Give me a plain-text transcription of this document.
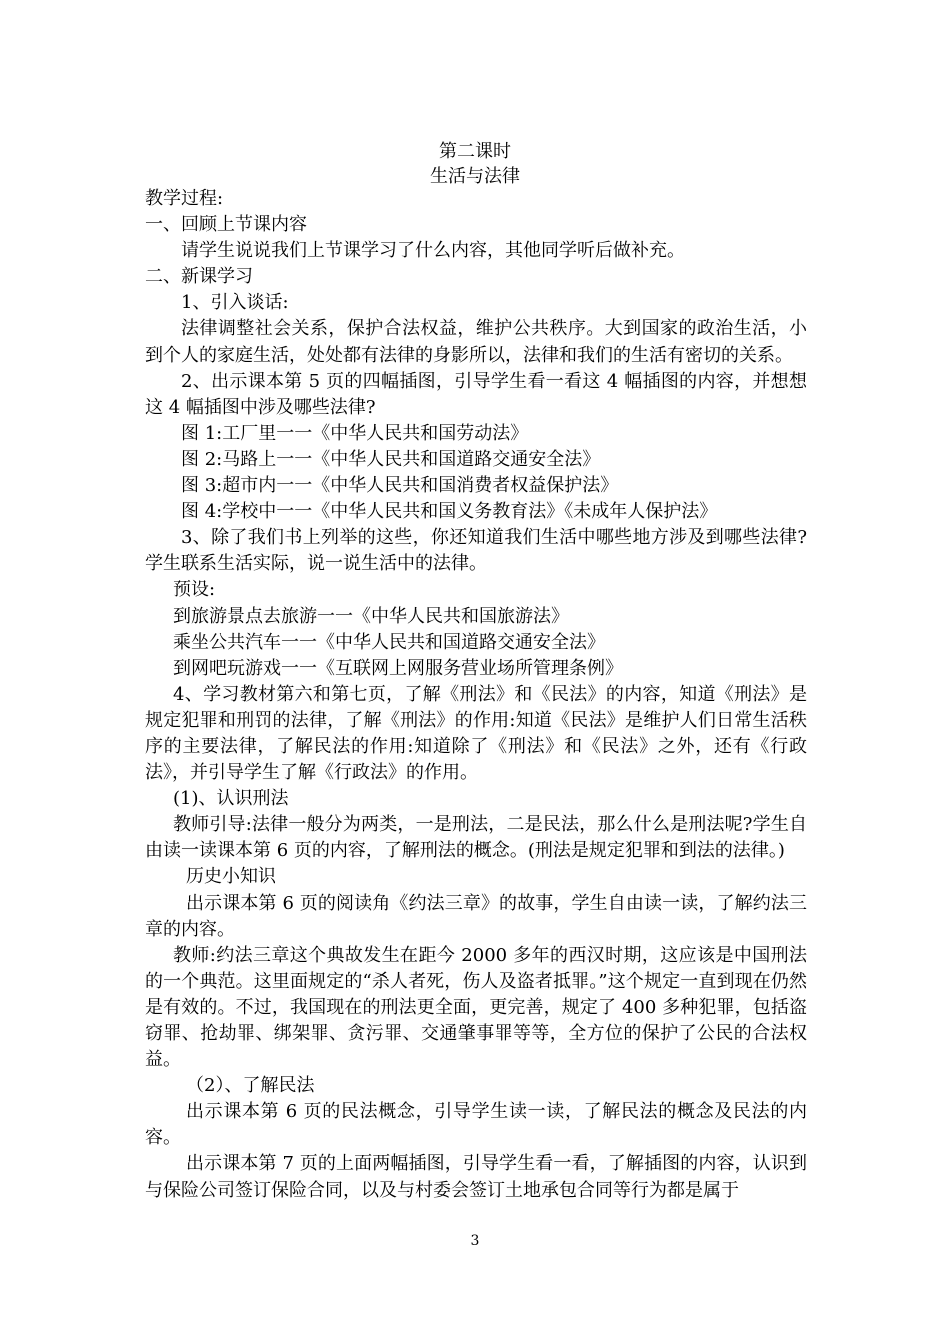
第二课时
生活与法律

教学过程:

一、回顾上节课内容

请学生说说我们上节课学习了什么内容，其他同学听后做补充。

二、新课学习

1、引入谈话:

法律调整社会关系，保护合法权益，维护公共秩序。大到国家的政治生活，小到个人的家庭生活，处处都有法律的身影所以，法律和我们的生活有密切的关系。

2、出示课本第 5 页的四幅插图，引导学生看一看这 4 幅插图的内容，并想想这 4 幅插图中涉及哪些法律?

图 1:工厂里一一《中华人民共和国劳动法》

图 2:马路上一一《中华人民共和国道路交通安全法》

图 3:超市内一一《中华人民共和国消费者权益保护法》

图 4:学校中一一《中华人民共和国义务教育法》《未成年人保护法》

3、除了我们书上列举的这些，你还知道我们生活中哪些地方涉及到哪些法律?学生联系生活实际，说一说生活中的法律。

预设:

到旅游景点去旅游一一《中华人民共和国旅游法》

乘坐公共汽车一一《中华人民共和国道路交通安全法》

到网吧玩游戏一一《互联网上网服务营业场所管理条例》

4、学习教材第六和第七页，了解《刑法》和《民法》的内容，知道《刑法》是规定犯罪和刑罚的法律，了解《刑法》的作用:知道《民法》是维护人们日常生活秩序的主要法律，了解民法的作用:知道除了《刑法》和《民法》之外，还有《行政法》，并引导学生了解《行政法》的作用。

(1)、认识刑法

教师引导:法律一般分为两类，一是刑法，二是民法，那么什么是刑法呢?学生自由读一读课本第 6 页的内容，了解刑法的概念。(刑法是规定犯罪和到法的法律。)

历史小知识

出示课本第 6 页的阅读角《约法三章》的故事，学生自由读一读，了解约法三章的内容。

教师:约法三章这个典故发生在距今 2000 多年的西汉时期，这应该是中国刑法的一个典范。这里面规定的“杀人者死，伤人及盗者抵罪。”这个规定一直到现在仍然是有效的。不过，我国现在的刑法更全面，更完善，规定了 400 多种犯罪，包括盗窃罪、抢劫罪、绑架罪、贪污罪、交通肇事罪等等，全方位的保护了公民的合法权益。

（2）、了解民法

出示课本第 6 页的民法概念，引导学生读一读，了解民法的概念及民法的内容。

出示课本第 7 页的上面两幅插图，引导学生看一看，了解插图的内容，认识到与保险公司签订保险合同，以及与村委会签订土地承包合同等行为都是属于

3
